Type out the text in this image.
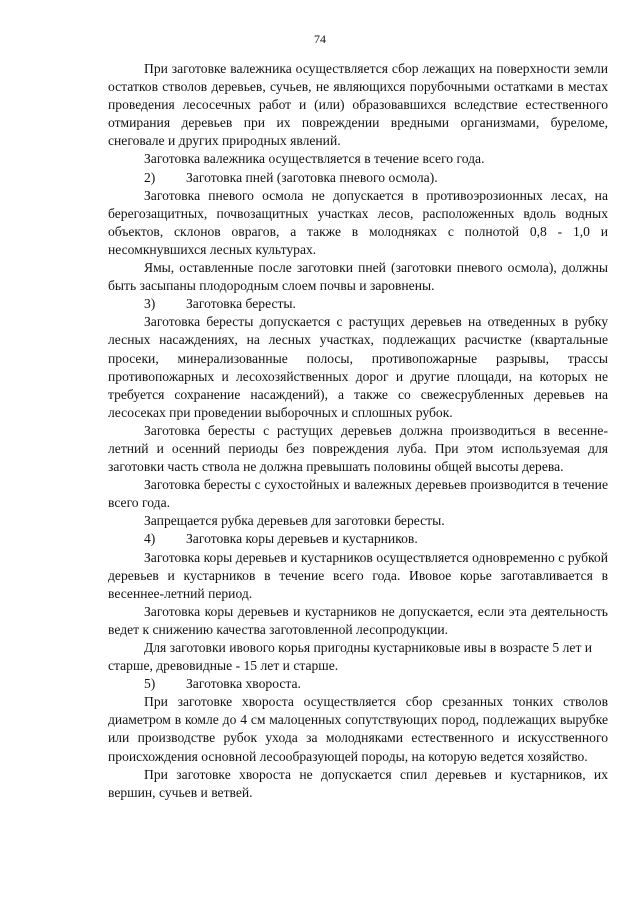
74

При заготовке валежника осуществляется сбор лежащих на поверхности земли остатков стволов деревьев, сучьев, не являющихся порубочными остатками в местах проведения лесосечных работ и (или) образовавшихся вследствие естественного отмирания деревьев при их повреждении вредными организмами, буреломе, снеговале и других природных явлений.

Заготовка валежника осуществляется в течение всего года.

2) Заготовка пней (заготовка пневого осмола).

Заготовка пневого осмола не допускается в противоэрозионных лесах, на берегозащитных, почвозащитных участках лесов, расположенных вдоль водных объектов, склонов оврагов, а также в молодняках с полнотой 0,8 - 1,0 и несомкнувшихся лесных культурах.

Ямы, оставленные после заготовки пней (заготовки пневого осмола), должны быть засыпаны плодородным слоем почвы и заровнены.

3) Заготовка бересты.

Заготовка бересты допускается с растущих деревьев на отведенных в рубку лесных насаждениях, на лесных участках, подлежащих расчистке (квартальные просеки, минерализованные полосы, противопожарные разрывы, трассы противопожарных и лесохозяйственных дорог и другие площади, на которых не требуется сохранение насаждений), а также со свежесрубленных деревьев на лесосеках при проведении выборочных и сплошных рубок.

Заготовка бересты с растущих деревьев должна производиться в весенне-летний и осенний периоды без повреждения луба. При этом используемая для заготовки часть ствола не должна превышать половины общей высоты дерева.

Заготовка бересты с сухостойных и валежных деревьев производится в течение всего года.

Запрещается рубка деревьев для заготовки бересты.

4) Заготовка коры деревьев и кустарников.

Заготовка коры деревьев и кустарников осуществляется одновременно с рубкой деревьев и кустарников в течение всего года. Ивовое корье заготавливается в весеннее-летний период.

Заготовка коры деревьев и кустарников не допускается, если эта деятельность ведет к снижению качества заготовленной лесопродукции.

Для заготовки ивового корья пригодны кустарниковые ивы в возрасте 5 лет и старше, древовидные - 15 лет и старше.

5) Заготовка хвороста.

При заготовке хвороста осуществляется сбор срезанных тонких стволов диаметром в комле до 4 см малоценных сопутствующих пород, подлежащих вырубке или производстве рубок ухода за молодняками естественного и искусственного происхождения основной лесообразующей породы, на которую ведется хозяйство.

При заготовке хвороста не допускается спил деревьев и кустарников, их вершин, сучьев и ветвей.
